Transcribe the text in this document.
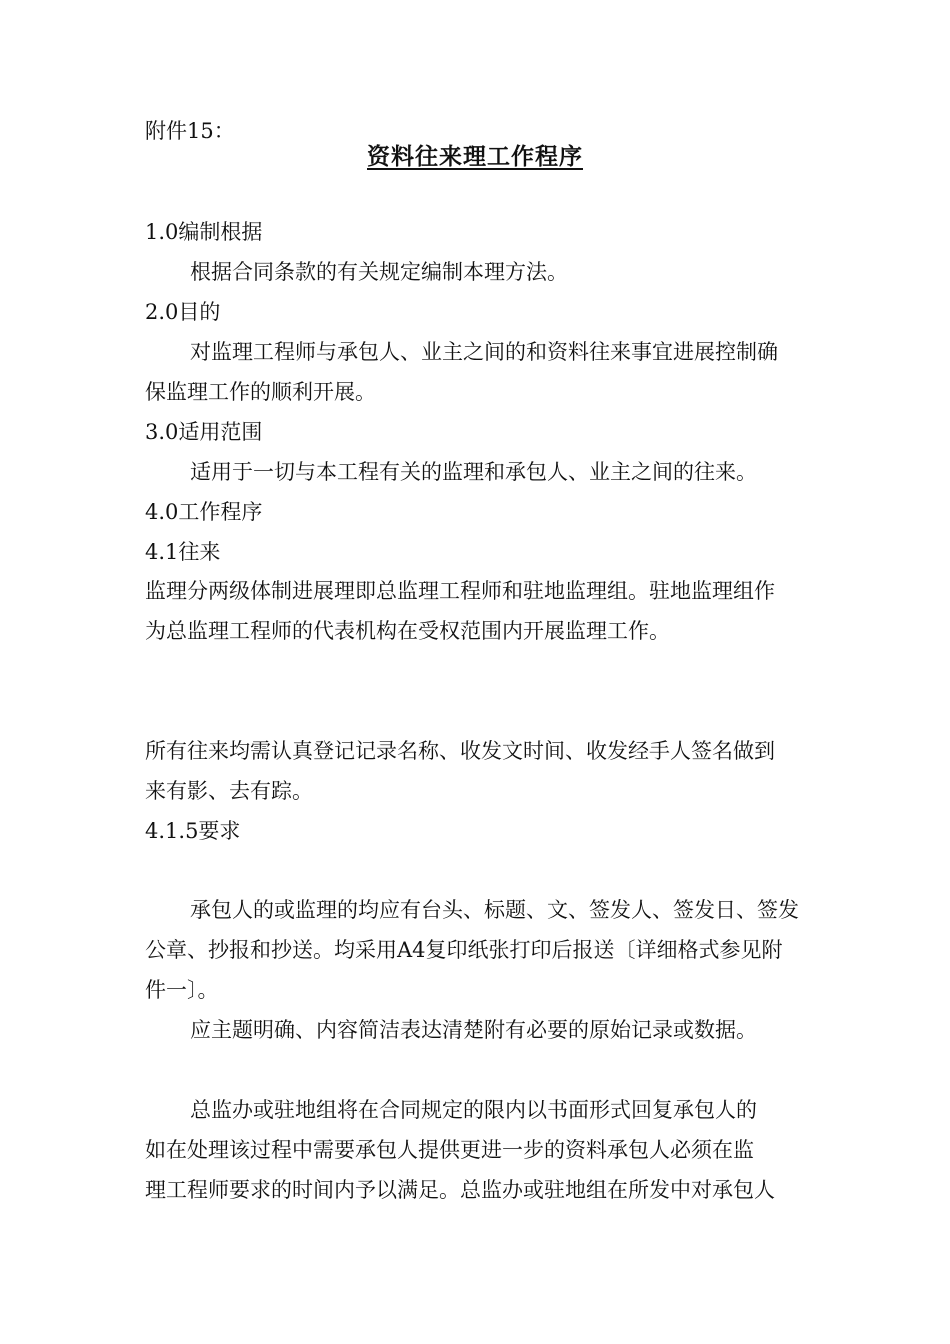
附件15：
资料往来理工作程序
1.0编制根据
根据合同条款的有关规定编制本理方法。
2.0目的
对监理工程师与承包人、业主之间的和资料往来事宜进展控制确
保监理工作的顺利开展。
3.0适用范围
适用于一切与本工程有关的监理和承包人、业主之间的往来。
4.0工作程序
4.1往来
监理分两级体制进展理即总监理工程师和驻地监理组。驻地监理组作
为总监理工程师的代表机构在受权范围内开展监理工作。
所有往来均需认真登记记录名称、收发文时间、收发经手人签名做到
来有影、去有踪。
4.1.5要求
承包人的或监理的均应有台头、标题、文、签发人、签发日、签发
公章、抄报和抄送。均采用A4复印纸张打印后报送〔详细格式参见附
件一〕。
应主题明确、内容简洁表达清楚附有必要的原始记录或数据。
总监办或驻地组将在合同规定的限内以书面形式回复承包人的
如在处理该过程中需要承包人提供更进一步的资料承包人必须在监
理工程师要求的时间内予以满足。总监办或驻地组在所发中对承包人
